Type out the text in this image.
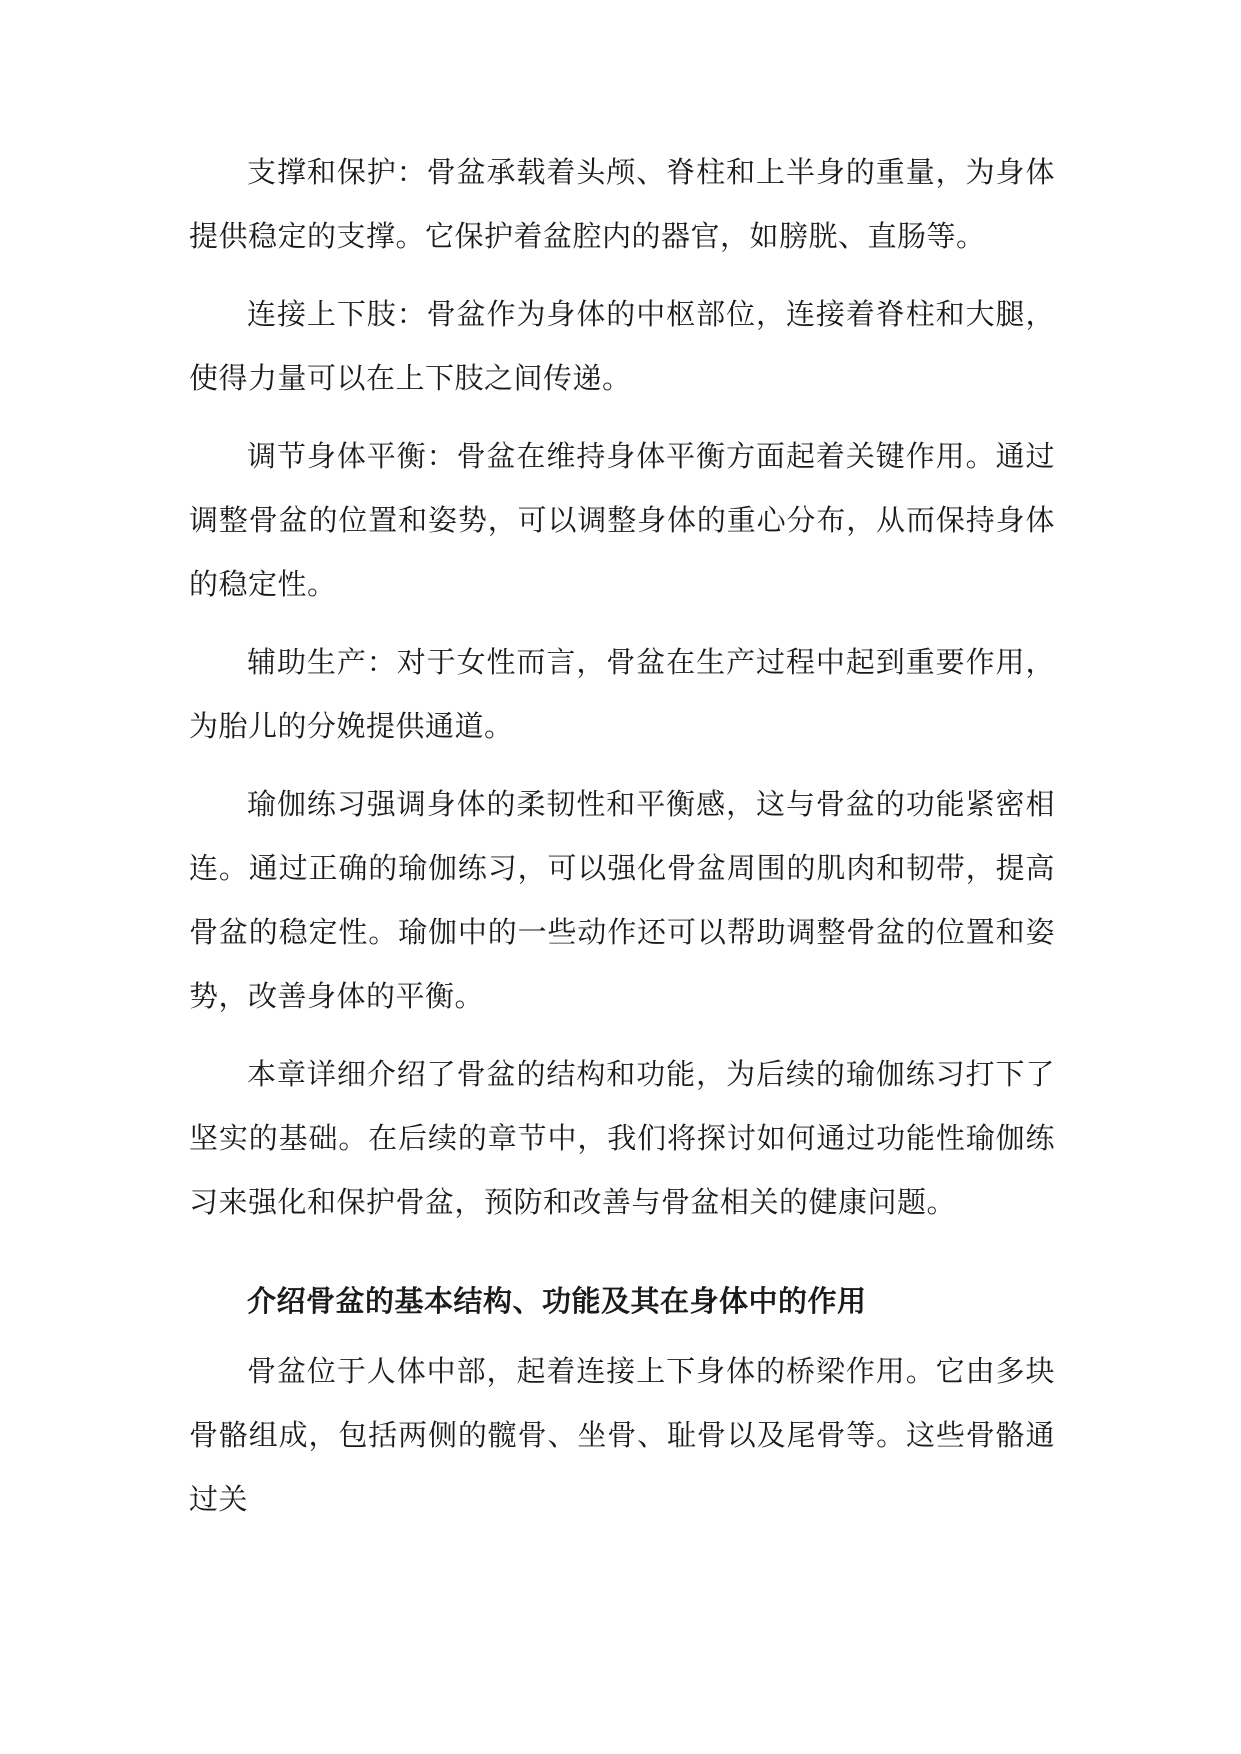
支撑和保护：骨盆承载着头颅、脊柱和上半身的重量，为身体提供稳定的支撑。它保护着盆腔内的器官，如膀胱、直肠等。

连接上下肢：骨盆作为身体的中枢部位，连接着脊柱和大腿，使得力量可以在上下肢之间传递。

调节身体平衡：骨盆在维持身体平衡方面起着关键作用。通过调整骨盆的位置和姿势，可以调整身体的重心分布，从而保持身体的稳定性。

辅助生产：对于女性而言，骨盆在生产过程中起到重要作用，为胎儿的分娩提供通道。

瑜伽练习强调身体的柔韧性和平衡感，这与骨盆的功能紧密相连。通过正确的瑜伽练习，可以强化骨盆周围的肌肉和韧带，提高骨盆的稳定性。瑜伽中的一些动作还可以帮助调整骨盆的位置和姿势，改善身体的平衡。

本章详细介绍了骨盆的结构和功能，为后续的瑜伽练习打下了坚实的基础。在后续的章节中，我们将探讨如何通过功能性瑜伽练习来强化和保护骨盆，预防和改善与骨盆相关的健康问题。

介绍骨盆的基本结构、功能及其在身体中的作用

骨盆位于人体中部，起着连接上下身体的桥梁作用。它由多块骨骼组成，包括两侧的髋骨、坐骨、耻骨以及尾骨等。这些骨骼通过关
